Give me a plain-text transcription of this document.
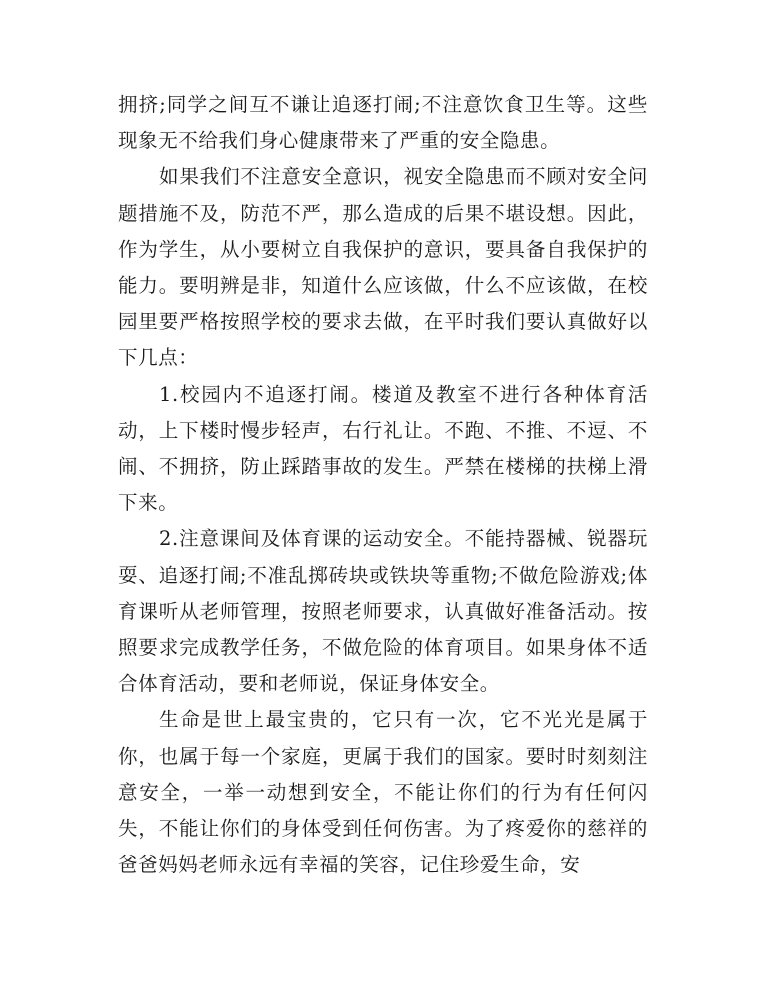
拥挤;同学之间互不谦让追逐打闹;不注意饮食卫生等。这些现象无不给我们身心健康带来了严重的安全隐患。

如果我们不注意安全意识，视安全隐患而不顾对安全问题措施不及，防范不严，那么造成的后果不堪设想。因此，作为学生，从小要树立自我保护的意识，要具备自我保护的能力。要明辨是非，知道什么应该做，什么不应该做，在校园里要严格按照学校的要求去做，在平时我们要认真做好以下几点：

1.校园内不追逐打闹。楼道及教室不进行各种体育活动，上下楼时慢步轻声，右行礼让。不跑、不推、不逗、不闹、不拥挤，防止踩踏事故的发生。严禁在楼梯的扶梯上滑下来。

2.注意课间及体育课的运动安全。不能持器械、锐器玩耍、追逐打闹;不准乱掷砖块或铁块等重物;不做危险游戏;体育课听从老师管理，按照老师要求，认真做好准备活动。按照要求完成教学任务，不做危险的体育项目。如果身体不适合体育活动，要和老师说，保证身体安全。

生命是世上最宝贵的，它只有一次，它不光光是属于你，也属于每一个家庭，更属于我们的国家。要时时刻刻注意安全，一举一动想到安全，不能让你们的行为有任何闪失，不能让你们的身体受到任何伤害。为了疼爱你的慈祥的爸爸妈妈老师永远有幸福的笑容，记住珍爱生命，安
